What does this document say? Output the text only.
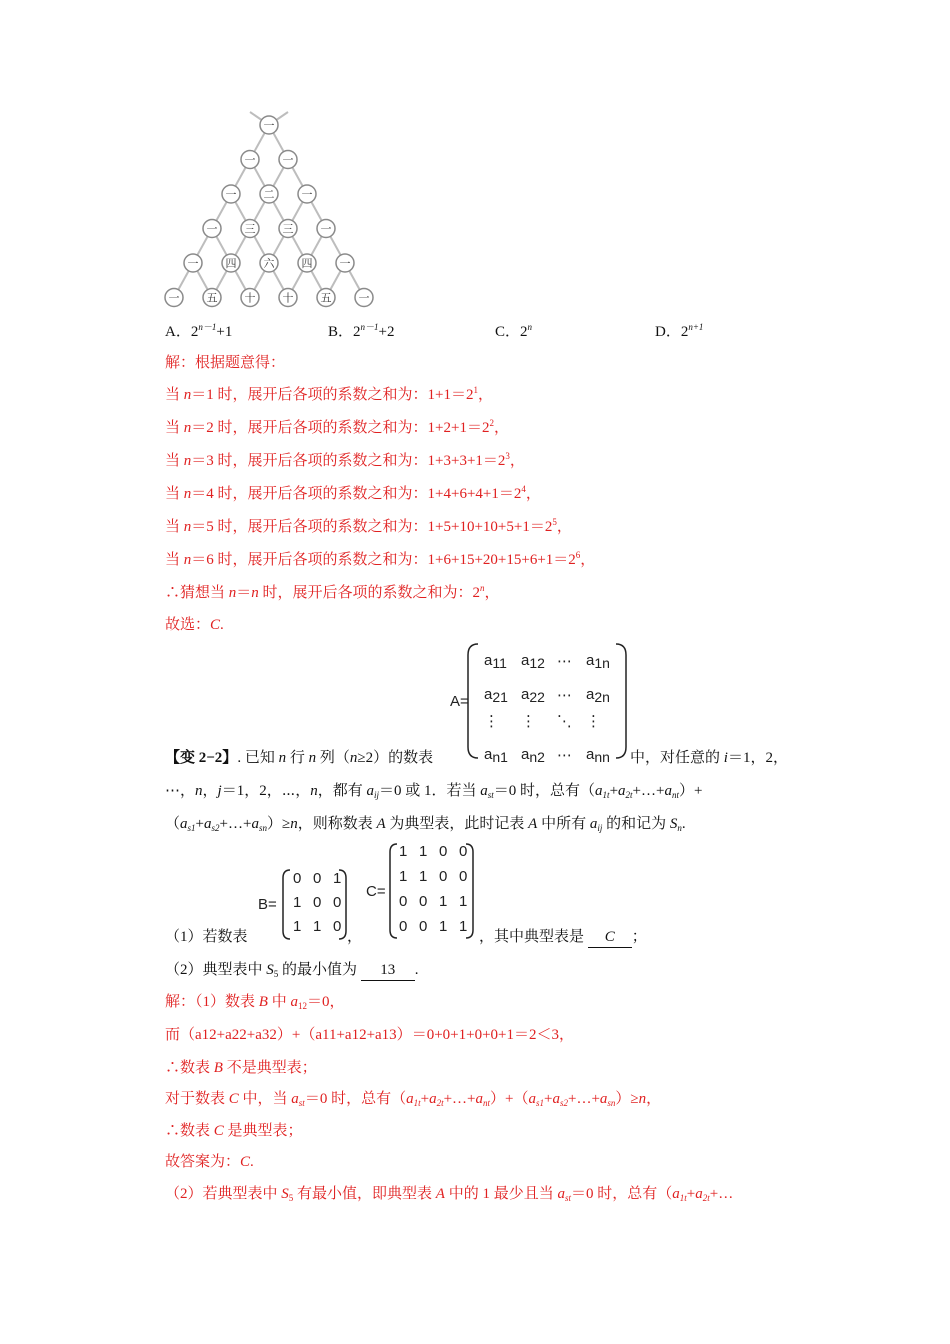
一
一 一
一 二 一
一 三 三 一
一 四 六 四 一
一 五 十 十 五 一
A．$2^{n-1}+1$	B．$2^{n-1}+2$	C．2$^n$	D．$2^{n+1}$
解：根据题意得：
当 n＝1 时，展开后各项的系数之和为：$1+1=2^1$，
当 n＝2 时，展开后各项的系数之和为：$1+2+1=2^2$，
当 n＝3 时，展开后各项的系数之和为：$1+3+3+1=2^3$，
当 n＝4 时，展开后各项的系数之和为：$1+4+6+4+1=2^4$，
当 n＝5 时，展开后各项的系数之和为：$1+5+10+10+5+1=2^5$，
当 n＝6 时，展开后各项的系数之和为：$1+6+15+20+15+6+1=2^6$，
∴猜想当 n＝n 时，展开后各项的系数之和为：2$^n$，
故选：C.
A=
a11 a12 ⋯ a1n
a21 a22 ⋯ a2n
⋮ ⋮ ⋱ ⋮
an1 an2 ⋯ ann
【变 2−2】. 已知 n 行 n 列（n≥2）的数表	中，对任意的 i＝1，2，
⋯，n，j＝1，2，⋯，n，都有 $a_{ij}=0$ 或 1．若当 $a_{st}=0$ 时，总有$(a_{1t}+a_{2t}+\dots+a_{nt})+$
$(a_{s1}+a_{s2}+\dots+a_{sn})\ge n$，则称数表 A 为典型表，此时记表 A 中所有 $a_{ij}$ 的和记为 $S_n$.
B=
0 0 1
1 0 0
1 1 0
C=
1 1 0 0
1 1 0 0
0 0 1 1
0 0 1 1
（1）若数表	，	，其中典型表是 C ；
（2）典型表中 $S_5$ 的最小值为 13 .
解：（1）数表 B 中 $a_{12}=0$，
而（a12+a22+a32）+（a11+a12+a13）＝0+0+1+0+0+1＝2＜3，
∴数表 B 不是典型表；
对于数表 C 中，当 $a_{st}=0$ 时，总有$(a_{1t}+a_{2t}+\dots+a_{nt})+(a_{s1}+a_{s2}+\dots+a_{sn})\ge n$，
∴数表 C 是典型表；
故答案为：C.
（2）若典型表中 $S_5$ 有最小值，即典型表 A 中的 1 最少且当 $a_{st}=0$ 时，总有（$a_{1t}+a_{2t}+\dots$
